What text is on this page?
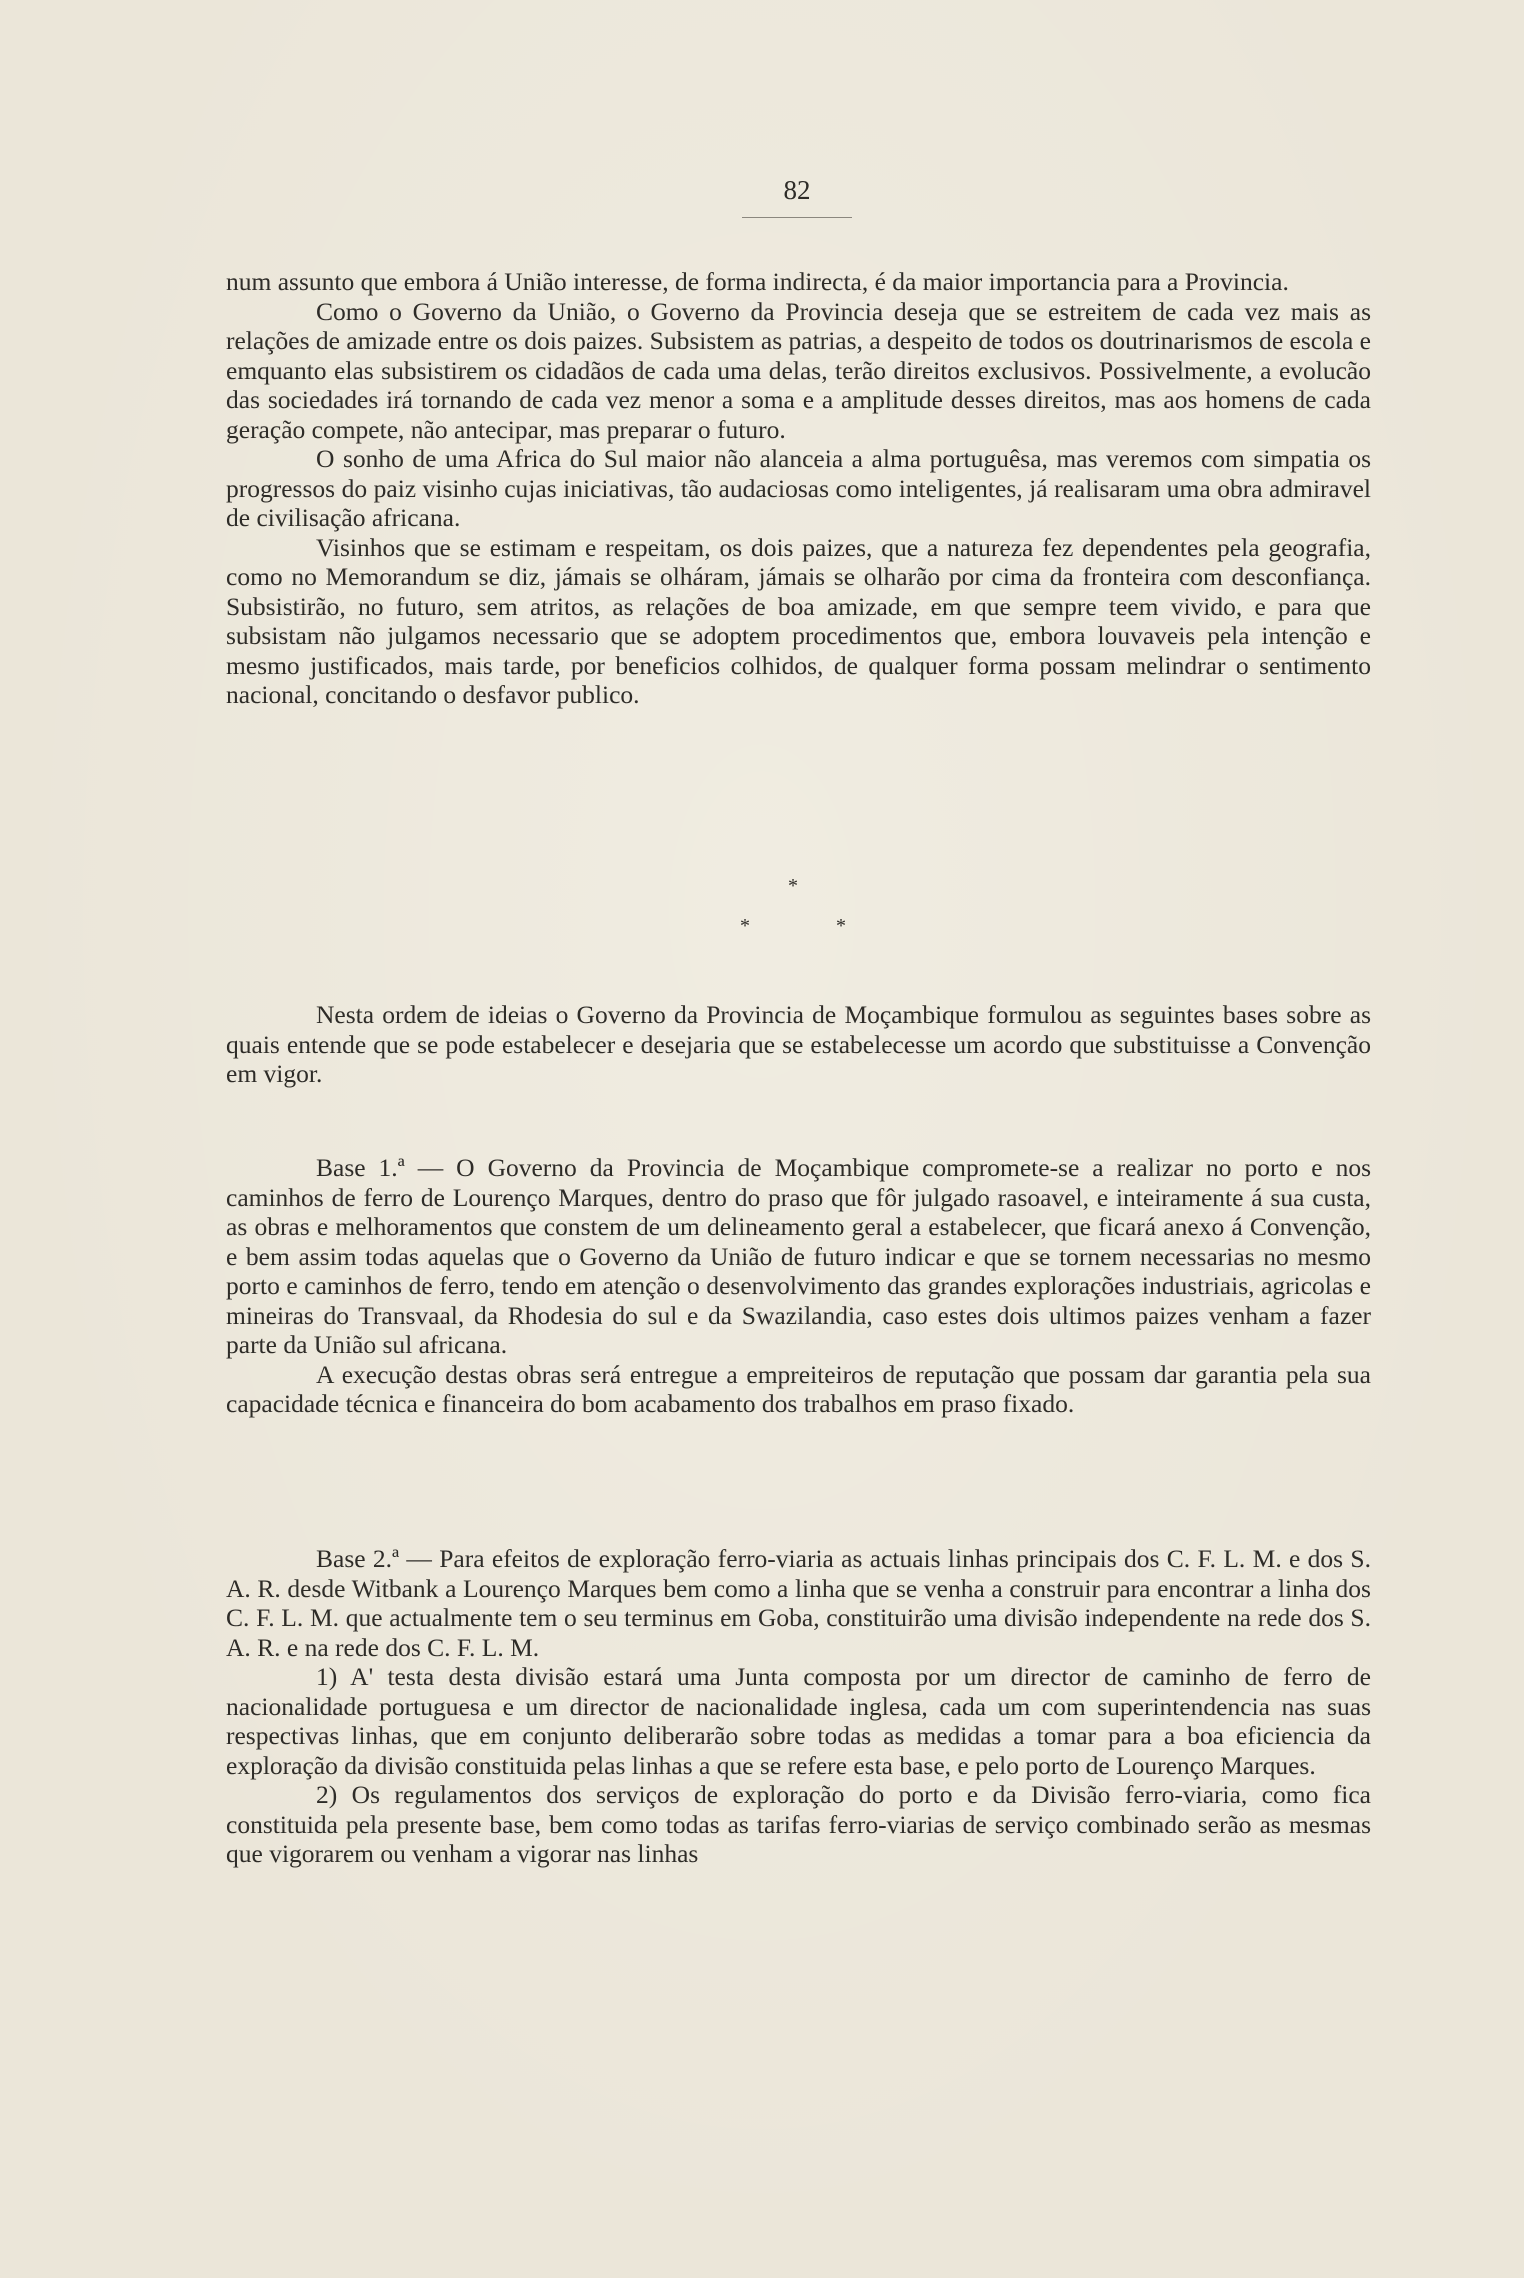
82

num assunto que embora á União interesse, de forma indirecta, é da maior importancia para a Provincia.

Como o Governo da União, o Governo da Provincia deseja que se estreitem de cada vez mais as relações de amizade entre os dois paizes. Subsistem as patrias, a despeito de todos os doutrinarismos de escola e emquanto elas subsistirem os cidadãos de cada uma delas, terão direitos exclusivos. Possivelmente, a evolucão das sociedades irá tornando de cada vez menor a soma e a amplitude desses direitos, mas aos homens de cada geração compete, não antecipar, mas preparar o futuro.

O sonho de uma Africa do Sul maior não alanceia a alma portuguêsa, mas veremos com simpatia os progressos do paiz visinho cujas iniciativas, tão audaciosas como inteligentes, já realisaram uma obra admiravel de civilisação africana.

Visinhos que se estimam e respeitam, os dois paizes, que a natureza fez dependentes pela geografia, como no Memorandum se diz, jámais se olháram, jámais se olharão por cima da fronteira com desconfiança. Subsistirão, no futuro, sem atritos, as relações de boa amizade, em que sempre teem vivido, e para que subsistam não julgamos necessario que se adoptem procedimentos que, embora louvaveis pela intenção e mesmo justificados, mais tarde, por beneficios colhidos, de qualquer forma possam melindrar o sentimento nacional, concitando o desfavor publico.

*
*	*

Nesta ordem de ideias o Governo da Provincia de Moçambique formulou as seguintes bases sobre as quais entende que se pode estabelecer e desejaria que se estabelecesse um acordo que substituisse a Convenção em vigor.

Base 1.ª — O Governo da Provincia de Moçambique compromete-se a realizar no porto e nos caminhos de ferro de Lourenço Marques, dentro do praso que fôr julgado rasoavel, e inteiramente á sua custa, as obras e melhoramentos que constem de um delineamento geral a estabelecer, que ficará anexo á Convenção, e bem assim todas aquelas que o Governo da União de futuro indicar e que se tornem necessarias no mesmo porto e caminhos de ferro, tendo em atenção o desenvolvimento das grandes explorações industriais, agricolas e mineiras do Transvaal, da Rhodesia do sul e da Swazilandia, caso estes dois ultimos paizes venham a fazer parte da União sul africana.

A execução destas obras será entregue a empreiteiros de reputação que possam dar garantia pela sua capacidade técnica e financeira do bom acabamento dos trabalhos em praso fixado.

Base 2.ª — Para efeitos de exploração ferro-viaria as actuais linhas principais dos C. F. L. M. e dos S. A. R. desde Witbank a Lourenço Marques bem como a linha que se venha a construir para encontrar a linha dos C. F. L. M. que actualmente tem o seu terminus em Goba, constituirão uma divisão independente na rede dos S. A. R. e na rede dos C. F. L. M.

1) A' testa desta divisão estará uma Junta composta por um director de caminho de ferro de nacionalidade portuguesa e um director de nacionalidade inglesa, cada um com superintendencia nas suas respectivas linhas, que em conjunto deliberarão sobre todas as medidas a tomar para a boa eficiencia da exploração da divisão constituida pelas linhas a que se refere esta base, e pelo porto de Lourenço Marques.

2) Os regulamentos dos serviços de exploração do porto e da Divisão ferro-viaria, como fica constituida pela presente base, bem como todas as tarifas ferro-viarias de serviço combinado serão as mesmas que vigorarem ou venham a vigorar nas linhas
